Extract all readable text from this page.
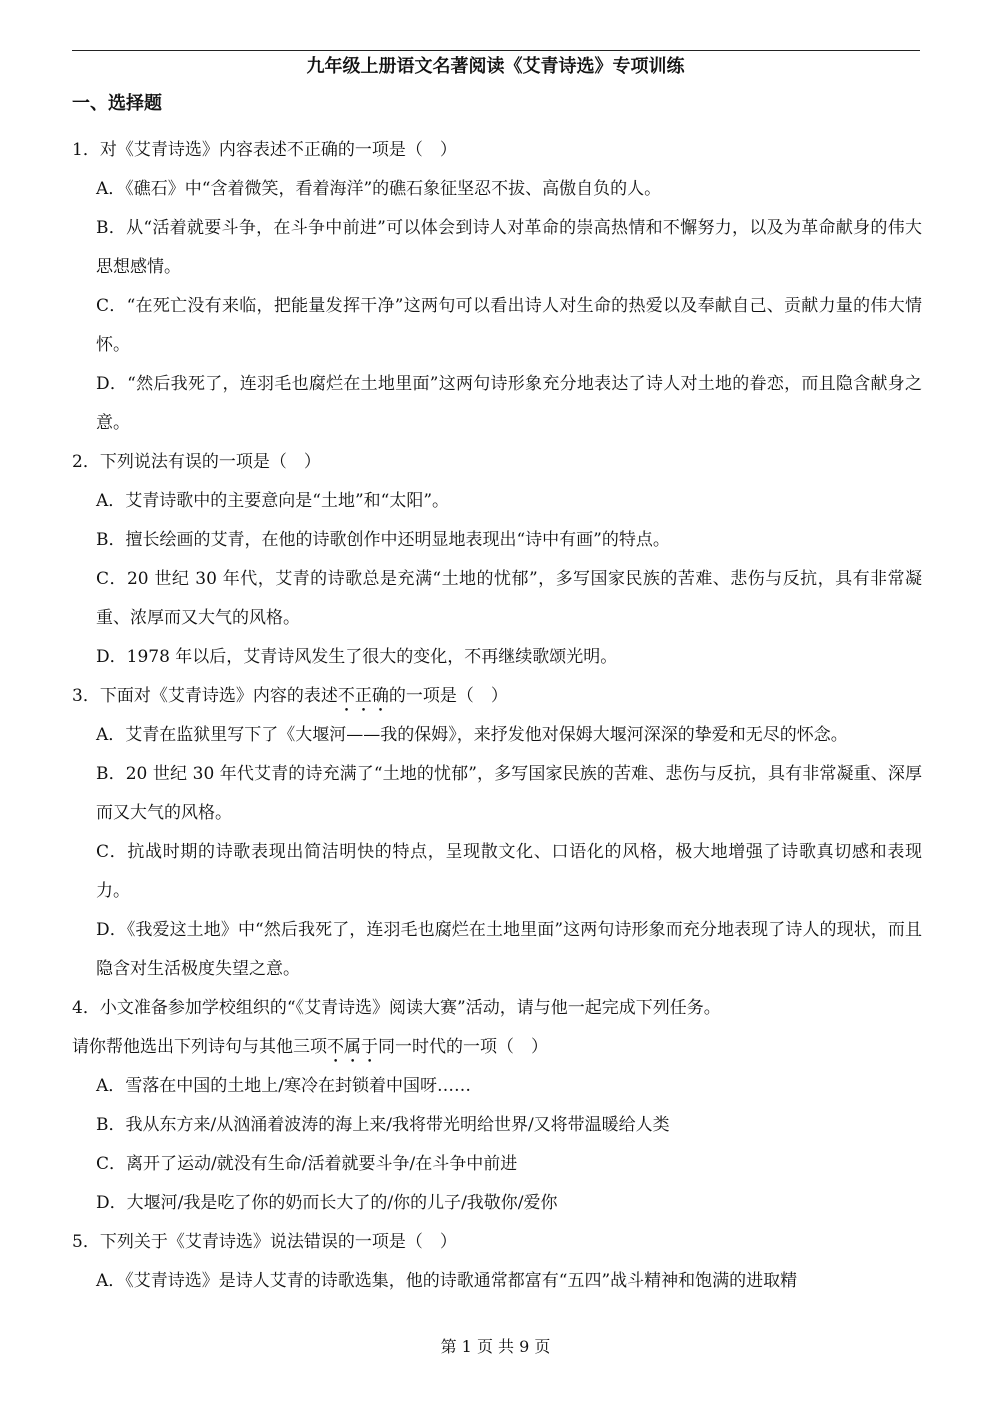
九年级上册语文名著阅读《艾青诗选》专项训练
一、选择题
1．对《艾青诗选》内容表述不正确的一项是（　）
A．《礁石》中“含着微笑，看着海洋”的礁石象征坚忍不拔、高傲自负的人。
B．从“活着就要斗争，在斗争中前进”可以体会到诗人对革命的崇高热情和不懈努力，以及为革命献身的伟大思想感情。
C．“在死亡没有来临，把能量发挥干净”这两句可以看出诗人对生命的热爱以及奉献自己、贡献力量的伟大情怀。
D．“然后我死了，连羽毛也腐烂在土地里面”这两句诗形象充分地表达了诗人对土地的眷恋，而且隐含献身之意。
2．下列说法有误的一项是（　）
A．艾青诗歌中的主要意向是“土地”和“太阳”。
B．擅长绘画的艾青，在他的诗歌创作中还明显地表现出“诗中有画”的特点。
C．20 世纪 30 年代，艾青的诗歌总是充满“土地的忧郁”，多写国家民族的苦难、悲伤与反抗，具有非常凝重、浓厚而又大气的风格。
D．1978 年以后，艾青诗风发生了很大的变化，不再继续歌颂光明。
3．下面对《艾青诗选》内容的表述不正确的一项是（　）
A．艾青在监狱里写下了《大堰河——我的保姆》，来抒发他对保姆大堰河深深的挚爱和无尽的怀念。
B．20 世纪 30 年代艾青的诗充满了“土地的忧郁”，多写国家民族的苦难、悲伤与反抗，具有非常凝重、深厚而又大气的风格。
C．抗战时期的诗歌表现出简洁明快的特点，呈现散文化、口语化的风格，极大地增强了诗歌真切感和表现力。
D．《我爱这土地》中“然后我死了，连羽毛也腐烂在土地里面”这两句诗形象而充分地表现了诗人的现状，而且隐含对生活极度失望之意。
4．小文准备参加学校组织的“《艾青诗选》阅读大赛”活动，请与他一起完成下列任务。
请你帮他选出下列诗句与其他三项不属于同一时代的一项（　）
A．雪落在中国的土地上/寒冷在封锁着中国呀……
B．我从东方来/从汹涌着波涛的海上来/我将带光明给世界/又将带温暖给人类
C．离开了运动/就没有生命/活着就要斗争/在斗争中前进
D．大堰河/我是吃了你的奶而长大了的/你的儿子/我敬你/爱你
5．下列关于《艾青诗选》说法错误的一项是（　）
A．《艾青诗选》是诗人艾青的诗歌选集，他的诗歌通常都富有“五四”战斗精神和饱满的进取精
第 1 页 共 9 页
